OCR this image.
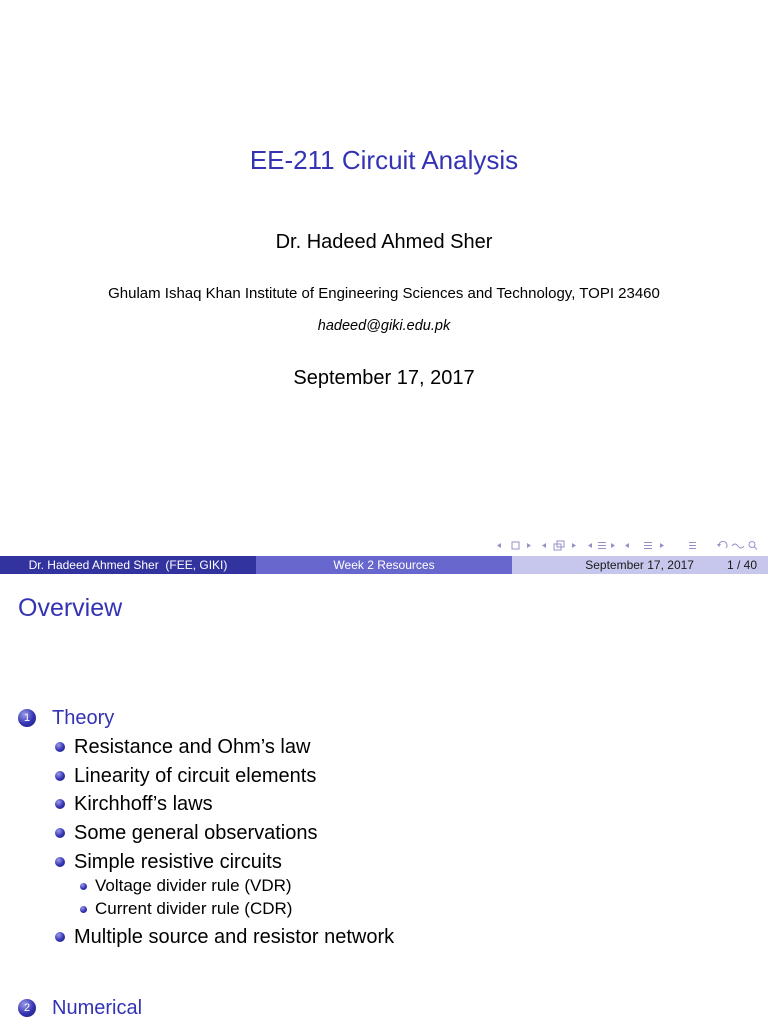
EE-211 Circuit Analysis
Dr. Hadeed Ahmed Sher
Ghulam Ishaq Khan Institute of Engineering Sciences and Technology, TOPI 23460
hadeed@giki.edu.pk
September 17, 2017
Dr. Hadeed Ahmed Sher  (FEE, GIKI)	Week 2 Resources	September 17, 2017	1 / 40
Overview
1 Theory
Resistance and Ohm’s law
Linearity of circuit elements
Kirchhoff’s laws
Some general observations
Simple resistive circuits
Voltage divider rule (VDR)
Current divider rule (CDR)
Multiple source and resistor network
2 Numerical
